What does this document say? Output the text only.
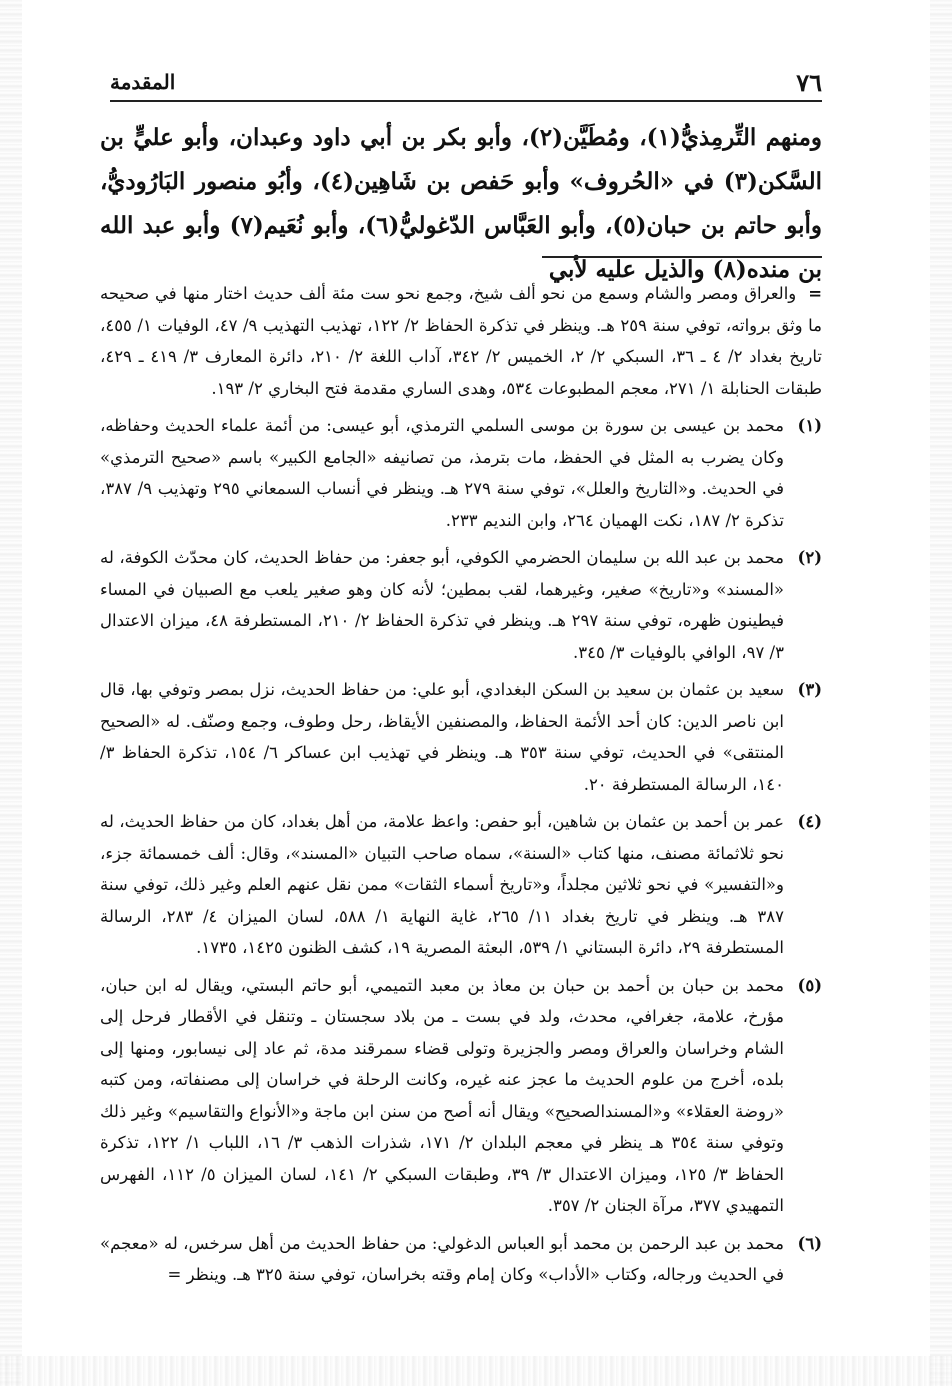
٧٦
المقدمة

ومنهم التِّرمِذيُّ(١)، ومُطَيَّن(٢)، وأبو بكر بن أبي داود وعبدان، وأبو عليٍّ بن السَّكن(٣) في «الحُروف» وأبو حَفص بن شَاهِين(٤)، وأبُو منصور البَارُوديُّ، وأبو حاتم بن حبان(٥)، وأبو العَبَّاس الدّغوليُّ(٦)، وأبو نُعَيم(٧) وأبو عبد الله بن منده(٨) والذيل عليه لأبي

= والعراق ومصر والشام وسمع من نحو ألف شيخ، وجمع نحو ست مئة ألف حديث اختار منها في صحيحه ما وثق برواته، توفي سنة ٢٥٩ هـ. وينظر في تذكرة الحفاظ ٢/ ١٢٢، تهذيب التهذيب ٩/ ٤٧، الوفيات ١/ ٤٥٥، تاريخ بغداد ٢/ ٤ ـ ٣٦، السبكي ٢/ ٢، الخميس ٢/ ٣٤٢، آداب اللغة ٢/ ٢١٠، دائرة المعارف ٣/ ٤١٩ ـ ٤٢٩، طبقات الحنابلة ١/ ٢٧١، معجم المطبوعات ٥٣٤، وهدى الساري مقدمة فتح البخاري ٢/ ١٩٣.

(١)
محمد بن عيسى بن سورة بن موسى السلمي الترمذي، أبو عيسى: من أئمة علماء الحديث وحفاظه، وكان يضرب به المثل في الحفظ، مات بترمذ، من تصانيفه «الجامع الكبير» باسم «صحيح الترمذي» في الحديث. و«التاريخ والعلل»، توفي سنة ٢٧٩ هـ. وينظر في أنساب السمعاني ٢٩٥ وتهذيب ٩/ ٣٨٧، تذكرة ٢/ ١٨٧، نكت الهميان ٢٦٤، وابن النديم ٢٣٣.
(٢)
محمد بن عبد الله بن سليمان الحضرمي الكوفي، أبو جعفر: من حفاظ الحديث، كان محدّث الكوفة، له «المسند» و«تاريخ» صغير، وغيرهما، لقب بمطين؛ لأنه كان وهو صغير يلعب مع الصبيان في المساء فيطينون ظهره، توفي سنة ٢٩٧ هـ. وينظر في تذكرة الحفاظ ٢/ ٢١٠، المستطرفة ٤٨، ميزان الاعتدال ٣/ ٩٧، الوافي بالوفيات ٣/ ٣٤٥.
(٣)
سعيد بن عثمان بن سعيد بن السكن البغدادي، أبو علي: من حفاظ الحديث، نزل بمصر وتوفي بها، قال ابن ناصر الدين: كان أحد الأئمة الحفاظ، والمصنفين الأيقاظ، رحل وطوف، وجمع وصنّف. له «الصحيح المنتقى» في الحديث، توفي سنة ٣٥٣ هـ. وينظر في تهذيب ابن عساكر ٦/ ١٥٤، تذكرة الحفاظ ٣/ ١٤٠، الرسالة المستطرفة ٢٠.
(٤)
عمر بن أحمد بن عثمان بن شاهين، أبو حفص: واعظ علامة، من أهل بغداد، كان من حفاظ الحديث، له نحو ثلاثمائة مصنف، منها كتاب «السنة»، سماه صاحب التبيان «المسند»، وقال: ألف خمسمائة جزء، و«التفسير» في نحو ثلاثين مجلداً، و«تاريخ أسماء الثقات» ممن نقل عنهم العلم وغير ذلك، توفي سنة ٣٨٧ هـ. وينظر في تاريخ بغداد ١١/ ٢٦٥، غاية النهاية ١/ ٥٨٨، لسان الميزان ٤/ ٢٨٣، الرسالة المستطرفة ٢٩، دائرة البستاني ١/ ٥٣٩، البعثة المصرية ١٩، كشف الظنون ١٤٢٥، ١٧٣٥.
(٥)
محمد بن حبان بن أحمد بن حبان بن معاذ بن معبد التميمي، أبو حاتم البستي، ويقال له ابن حبان، مؤرخ، علامة، جغرافي، محدث، ولد في بست ـ من بلاد سجستان ـ وتنقل في الأقطار فرحل إلى الشام وخراسان والعراق ومصر والجزيرة وتولى قضاء سمرقند مدة، ثم عاد إلى نيسابور، ومنها إلى بلده، أخرج من علوم الحديث ما عجز عنه غيره، وكانت الرحلة في خراسان إلى مصنفاته، ومن كتبه «روضة العقلاء» و«المسندالصحيح» ويقال أنه أصح من سنن ابن ماجة و«الأنواع والتقاسيم» وغير ذلك وتوفي سنة ٣٥٤ هـ ينظر في معجم البلدان ٢/ ١٧١، شذرات الذهب ٣/ ١٦، اللباب ١/ ١٢٢، تذكرة الحفاظ ٣/ ١٢٥، وميزان الاعتدال ٣/ ٣٩، وطبقات السبكي ٢/ ١٤١، لسان الميزان ٥/ ١١٢، الفهرس التمهيدي ٣٧٧، مرآة الجنان ٢/ ٣٥٧.
(٦)
محمد بن عبد الرحمن بن محمد أبو العباس الدغولي: من حفاظ الحديث من أهل سرخس، له «معجم» في الحديث ورجاله، وكتاب «الأداب» وكان إمام وقته بخراسان، توفي سنة ٣٢٥ هـ. وينظر =
